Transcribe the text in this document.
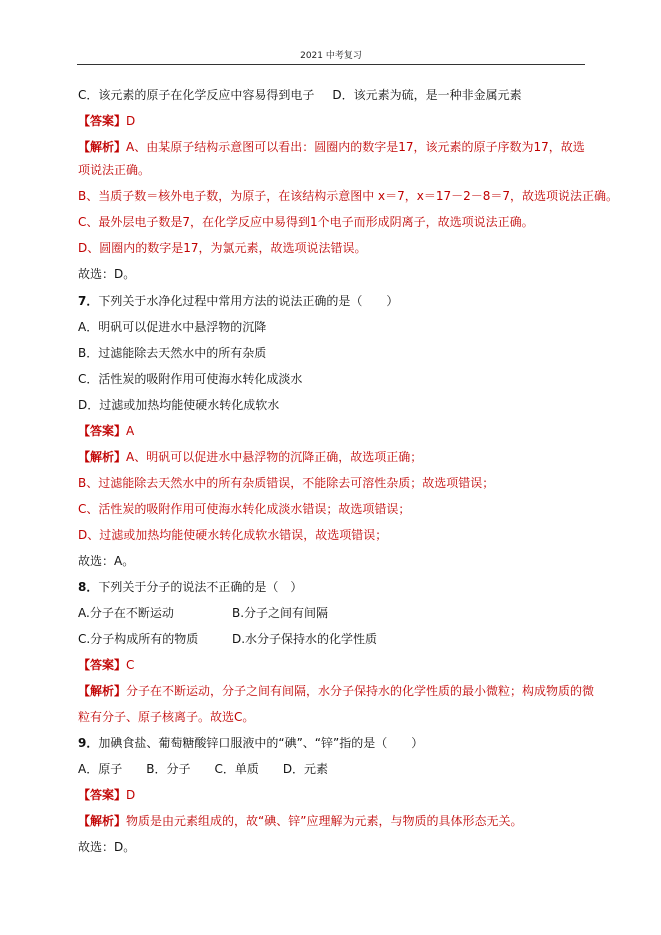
2021 中考复习
C．该元素的原子在化学反应中容易得到电子 D．该元素为硫，是一种非金属元素
【答案】D
【解析】A、由某原子结构示意图可以看出：圆圈内的数字是17，该元素的原子序数为17，故选
项说法正确。
B、当质子数＝核外电子数，为原子，在该结构示意图中 x＝7，x＝17－2－8＝7，故选项说法正确。
C、最外层电子数是7，在化学反应中易得到1个电子而形成阴离子，故选项说法正确。
D、圆圈内的数字是17，为氯元素，故选项说法错误。
故选：D。
7．下列关于水净化过程中常用方法的说法正确的是（　　）
A．明矾可以促进水中悬浮物的沉降
B．过滤能除去天然水中的所有杂质
C．活性炭的吸附作用可使海水转化成淡水
D．过滤或加热均能使硬水转化成软水
【答案】A
【解析】A、明矾可以促进水中悬浮物的沉降正确，故选项正确；
B、过滤能除去天然水中的所有杂质错误，不能除去可溶性杂质；故选项错误；
C、活性炭的吸附作用可使海水转化成淡水错误；故选项错误；
D、过滤或加热均能使硬水转化成软水错误，故选项错误；
故选：A。
8．下列关于分子的说法不正确的是（　）
A.分子在不断运动	B.分子之间有间隔
C.分子构成所有的物质	D.水分子保持水的化学性质
【答案】C
【解析】分子在不断运动，分子之间有间隔，水分子保持水的化学性质的最小微粒；构成物质的微
粒有分子、原子核离子。故选C。
9．加碘食盐、葡萄糖酸锌口服液中的“碘”、“锌”指的是（　　）
A．原子　　B．分子　　C．单质　　D．元素
【答案】D
【解析】物质是由元素组成的，故“碘、锌”应理解为元素，与物质的具体形态无关。
故选：D。
